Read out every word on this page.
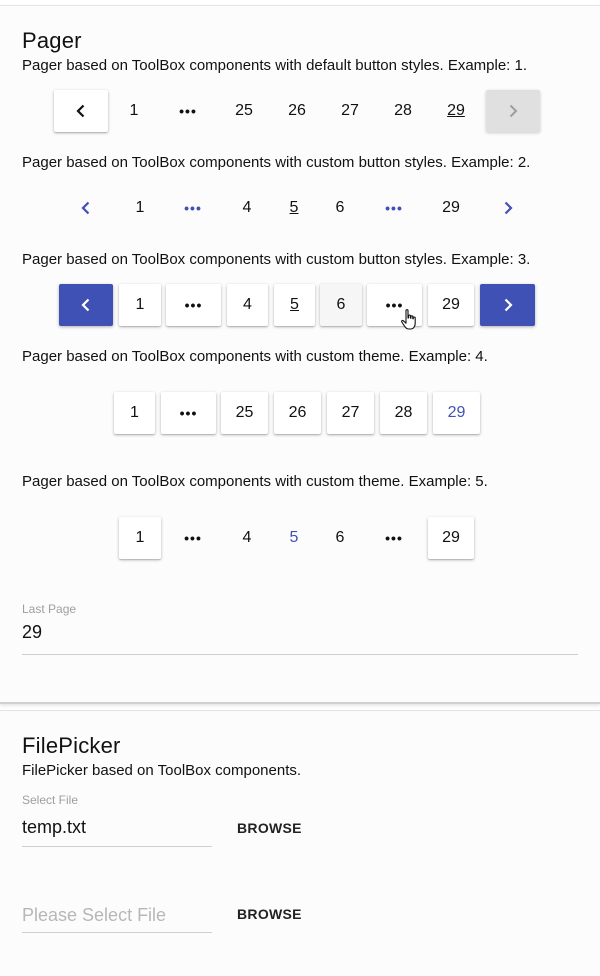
Pager
Pager based on ToolBox components with default button styles. Example: 1.
1	•••	25	26	27	28	29
Pager based on ToolBox components with custom button styles. Example: 2.
1	•••	4	5	6	•••	29
Pager based on ToolBox components with custom button styles. Example: 3.
1	•••	4	5	6	•••	29
Pager based on ToolBox components with custom theme. Example: 4.
1	•••	25	26	27	28	29
Pager based on ToolBox components with custom theme. Example: 5.
1	•••	4	5	6	•••	29
Last Page
29
FilePicker
FilePicker based on ToolBox components.
Select File
temp.txt	BROWSE
Please Select File	BROWSE
